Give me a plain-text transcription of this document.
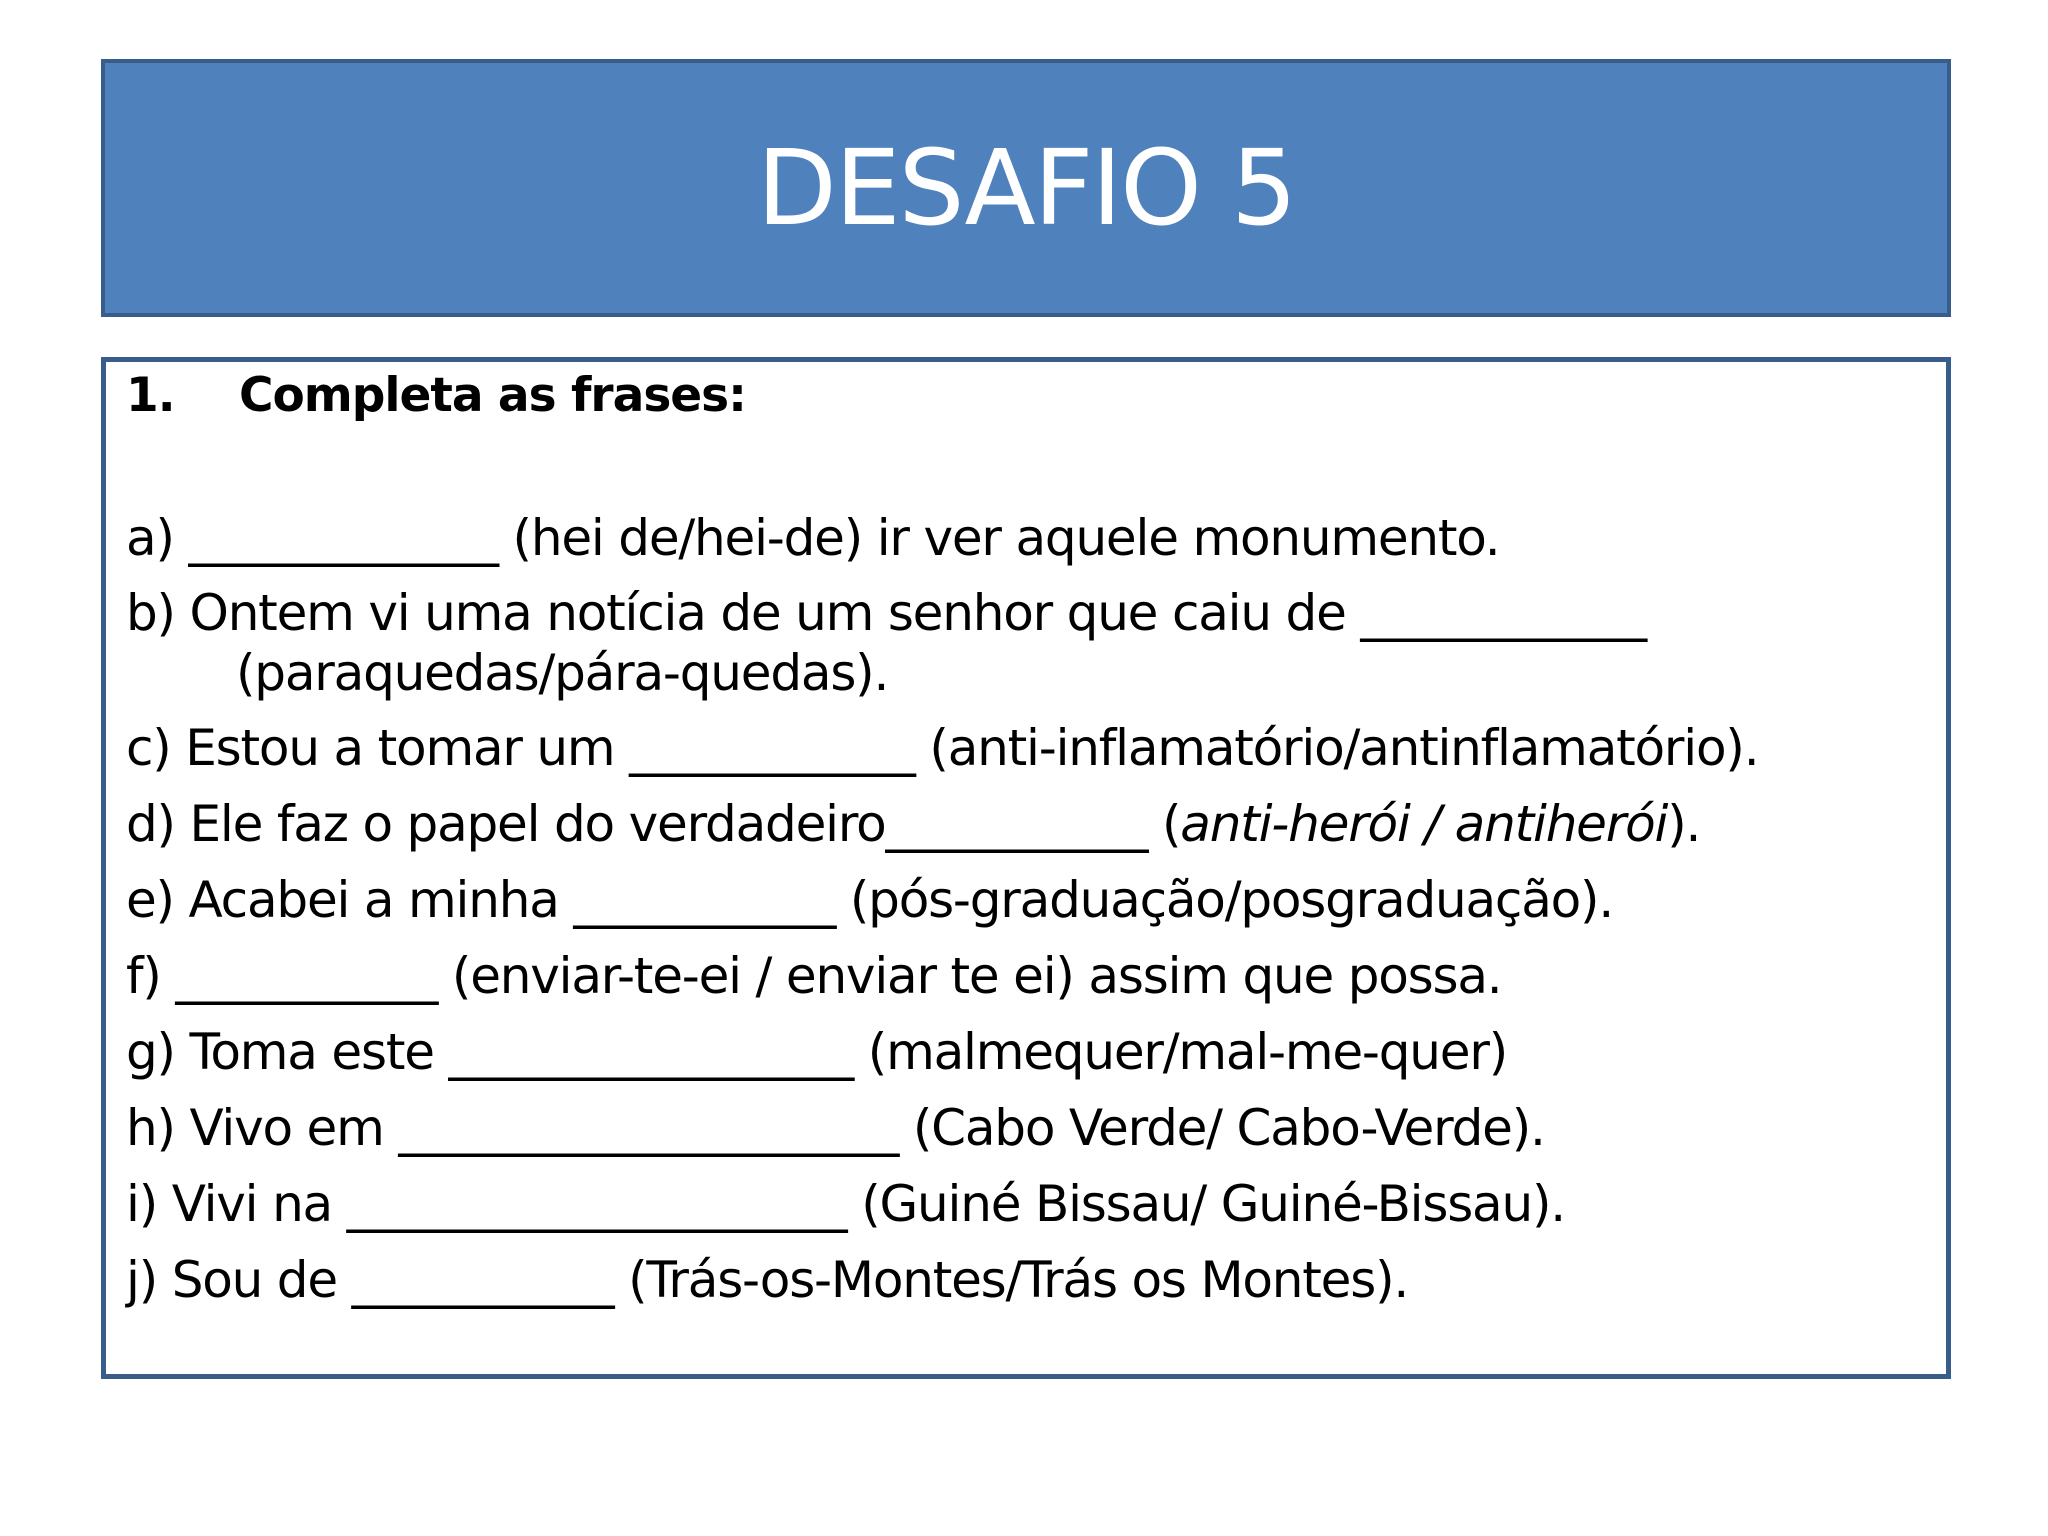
DESAFIO 5
1. Completa as frases:
a) _____________ (hei de/hei-de) ir ver aquele monumento.
b) Ontem vi uma notícia de um senhor que caiu de ____________
(paraquedas/pára-quedas).
c) Estou a tomar um ____________ (anti-inflamatório/antinflamatório).
d) Ele faz o papel do verdadeiro___________ (anti-herói / antiherói).
e) Acabei a minha ___________ (pós-graduação/posgraduação).
f) ___________ (enviar-te-ei / enviar te ei) assim que possa.
g) Toma este _________________ (malmequer/mal-me-quer)
h) Vivo em _____________________ (Cabo Verde/ Cabo-Verde).
i) Vivi na _____________________ (Guiné Bissau/ Guiné-Bissau).
j) Sou de ___________ (Trás-os-Montes/Trás os Montes).
